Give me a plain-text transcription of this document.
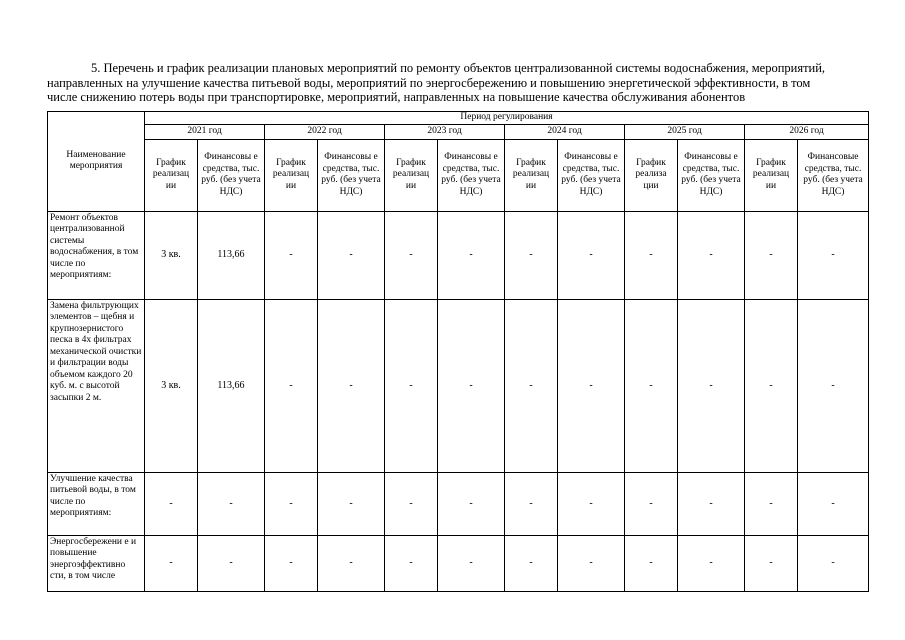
5. Перечень и график реализации плановых мероприятий по ремонту объектов централизованной системы водоснабжения, мероприятий,
направленных на улучшение качества питьевой воды, мероприятий по энергосбережению и повышению энергетической эффективности, в том
числе снижению потерь воды при транспортировке, мероприятий, направленных на повышение качества обслуживания абонентов
Наименование мероприятия	Период регулирования											
	2021 год		2022 год		2023 год		2024 год		2025 год		2026 год	
	График реализац ии	Финансовы е средства, тыс. руб. (без учета НДС)	График реализац ии	Финансовы е средства, тыс. руб. (без учета НДС)	График реализац ии	Финансовы е средства, тыс. руб. (без учета НДС)	График реализац ии	Финансовы е средства, тыс. руб. (без учета НДС)	График реализа ции	Финансовы е средства, тыс. руб. (без учета НДС)	График реализац ии	Финансовые средства, тыс. руб. (без учета НДС)
Ремонт объектов централизованной системы водоснабжения, в том числе по мероприятиям:	3 кв.	113,66	-	-	-	-	-	-	-	-	-	-
Замена фильтрующих элементов – щебня и крупнозернистого песка в 4х фильтрах механической очистки и фильтрации воды объемом каждого 20 куб. м. с высотой засыпки 2 м.	3 кв.	113,66	-	-	-	-	-	-	-	-	-	-
Улучшение качества питьевой воды, в том числе по мероприятиям:	-	-	-	-	-	-	-	-	-	-	-	-
Энергосбережени е и повышение энергоэффективно сти, в том числе	-	-	-	-	-	-	-	-	-	-	-	-
